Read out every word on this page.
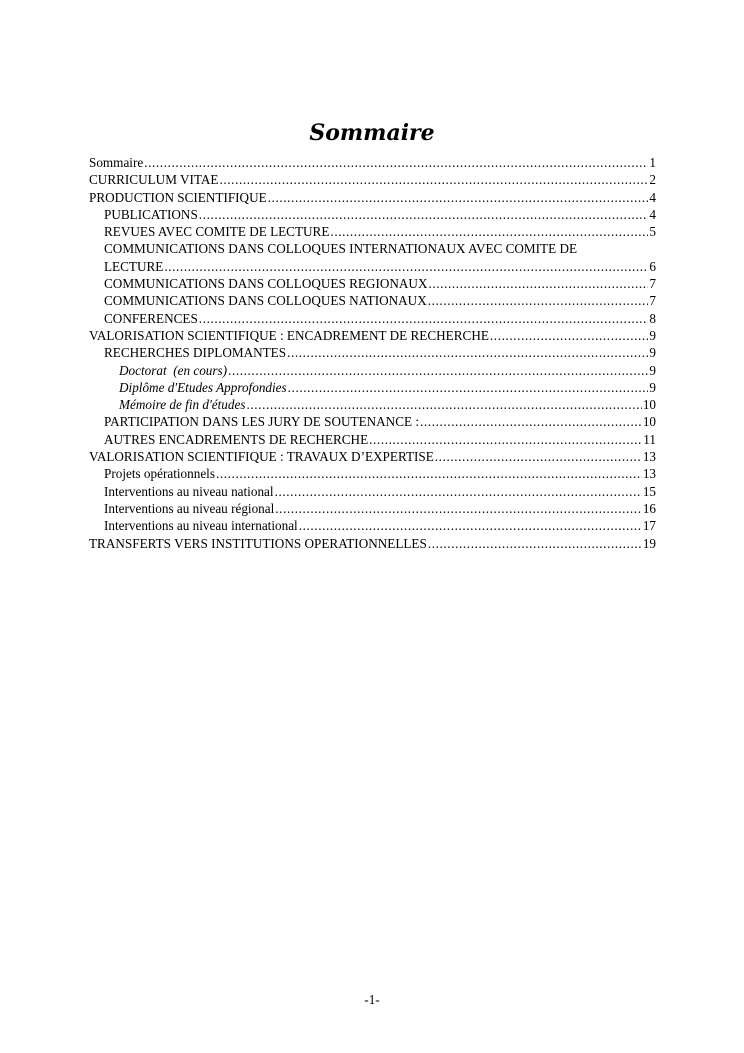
Sommaire
Sommaire .....	1
CURRICULUM VITAE .....	2
PRODUCTION SCIENTIFIQUE .....	4
PUBLICATIONS .....	4
REVUES AVEC COMITE DE LECTURE .....	5
COMMUNICATIONS DANS COLLOQUES INTERNATIONAUX AVEC COMITE DE
LECTURE .....	6
COMMUNICATIONS DANS COLLOQUES REGIONAUX .....	7
COMMUNICATIONS DANS COLLOQUES NATIONAUX .....	7
CONFERENCES .....	8
VALORISATION SCIENTIFIQUE : ENCADREMENT DE RECHERCHE .....	9
RECHERCHES DIPLOMANTES .....	9
Doctorat  (en cours) .....	9
Diplôme d'Etudes Approfondies .....	9
Mémoire de fin d'études .....	10
PARTICIPATION DANS LES JURY DE SOUTENANCE : .....	10
AUTRES ENCADREMENTS DE RECHERCHE .....	11
VALORISATION SCIENTIFIQUE : TRAVAUX D’EXPERTISE .....	13
Projets opérationnels .....	13
Interventions au niveau national .....	15
Interventions au niveau régional .....	16
Interventions au niveau international .....	17
TRANSFERTS VERS INSTITUTIONS OPERATIONNELLES .....	19
-1-
